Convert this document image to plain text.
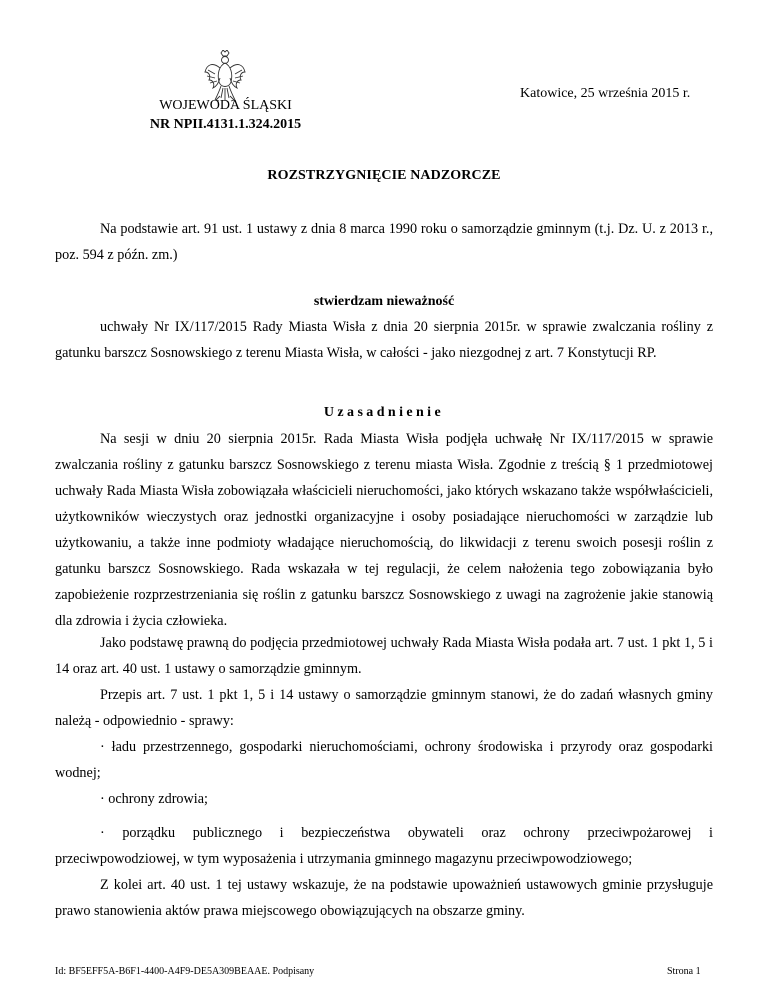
Katowice, 25 września 2015 r.
WOJEWODA ŚLĄSKI
NR NPII.4131.1.324.2015
ROZSTRZYGNIĘCIE NADZORCZE
Na podstawie art. 91 ust. 1 ustawy z dnia 8 marca 1990 roku o samorządzie gminnym (t.j. Dz. U. z 2013 r., poz. 594 z późn. zm.)
stwierdzam nieważność
uchwały Nr IX/117/2015 Rady Miasta Wisła z dnia 20 sierpnia 2015r. w sprawie zwalczania rośliny z gatunku barszcz Sosnowskiego z terenu Miasta Wisła, w całości - jako niezgodnej z art. 7 Konstytucji RP.
Uzasadnienie
Na sesji w dniu 20 sierpnia 2015r. Rada Miasta Wisła podjęła uchwałę Nr IX/117/2015 w sprawie zwalczania rośliny z gatunku barszcz Sosnowskiego z terenu miasta Wisła. Zgodnie z treścią § 1 przedmiotowej uchwały Rada Miasta Wisła zobowiązała właścicieli nieruchomości, jako których wskazano także współwłaścicieli, użytkowników wieczystych oraz jednostki organizacyjne i osoby posiadające nieruchomości w zarządzie lub użytkowaniu, a także inne podmioty władające nieruchomością, do likwidacji z terenu swoich posesji roślin z gatunku barszcz Sosnowskiego. Rada wskazała w tej regulacji, że celem nałożenia tego zobowiązania było zapobieżenie rozprzestrzeniania się roślin z gatunku barszcz Sosnowskiego z uwagi na zagrożenie jakie stanowią dla zdrowia i życia człowieka.
Jako podstawę prawną do podjęcia przedmiotowej uchwały Rada Miasta Wisła podała art. 7 ust. 1 pkt 1, 5 i 14 oraz art. 40 ust. 1 ustawy o samorządzie gminnym.
Przepis art. 7 ust. 1 pkt 1, 5 i 14 ustawy o samorządzie gminnym stanowi, że do zadań własnych gminy należą - odpowiednio - sprawy:
· ładu przestrzennego, gospodarki nieruchomościami, ochrony środowiska i przyrody oraz gospodarki wodnej;
· ochrony zdrowia;
· porządku publicznego i bezpieczeństwa obywateli oraz ochrony przeciwpożarowej i przeciwpowodziowej, w tym wyposażenia i utrzymania gminnego magazynu przeciwpowodziowego;
Z kolei art. 40 ust. 1 tej ustawy wskazuje, że na podstawie upoważnień ustawowych gminie przysługuje prawo stanowienia aktów prawa miejscowego obowiązujących na obszarze gminy.
Id: BF5EFF5A-B6F1-4400-A4F9-DE5A309BEAAE. Podpisany	Strona 1
